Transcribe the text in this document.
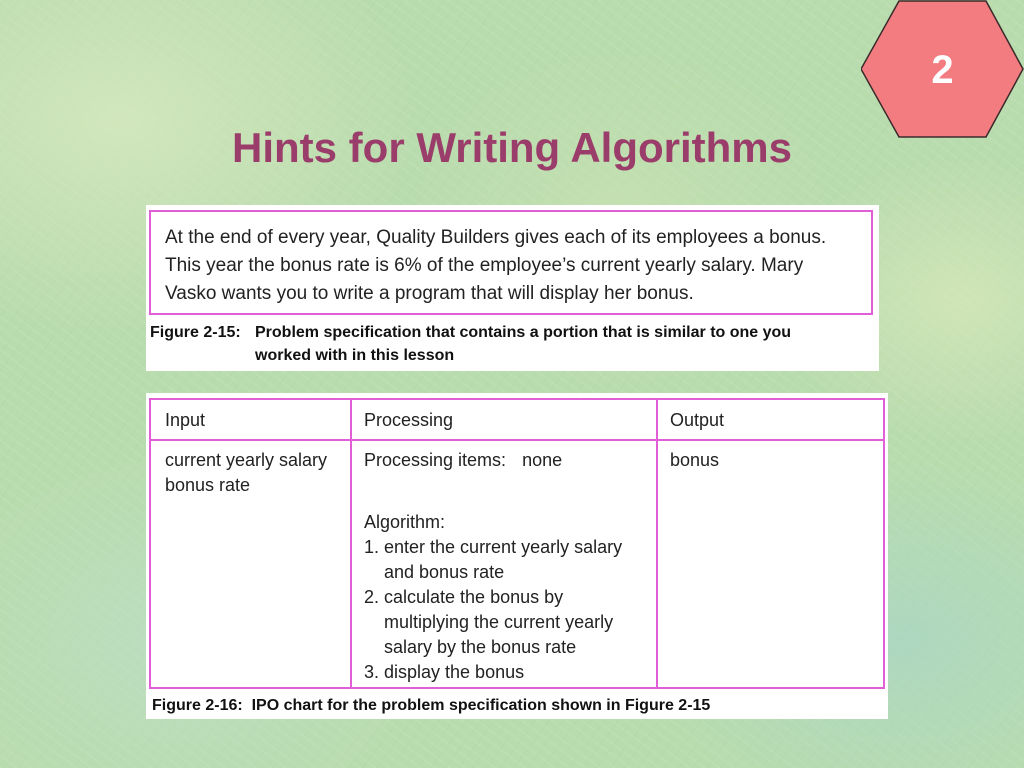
2
Hints for Writing Algorithms
At the end of every year, Quality Builders gives each of its employees a bonus.
This year the bonus rate is 6% of the employee’s current yearly salary. Mary
Vasko wants you to write a program that will display her bonus.
Figure 2-15: Problem specification that contains a portion that is similar to one you
worked with in this lesson
Input	Processing	Output
current yearly salary
bonus rate
Processing items: none
Algorithm:
1. enter the current yearly salary
and bonus rate
2. calculate the bonus by
multiplying the current yearly
salary by the bonus rate
3. display the bonus
bonus
Figure 2-16: IPO chart for the problem specification shown in Figure 2-15
